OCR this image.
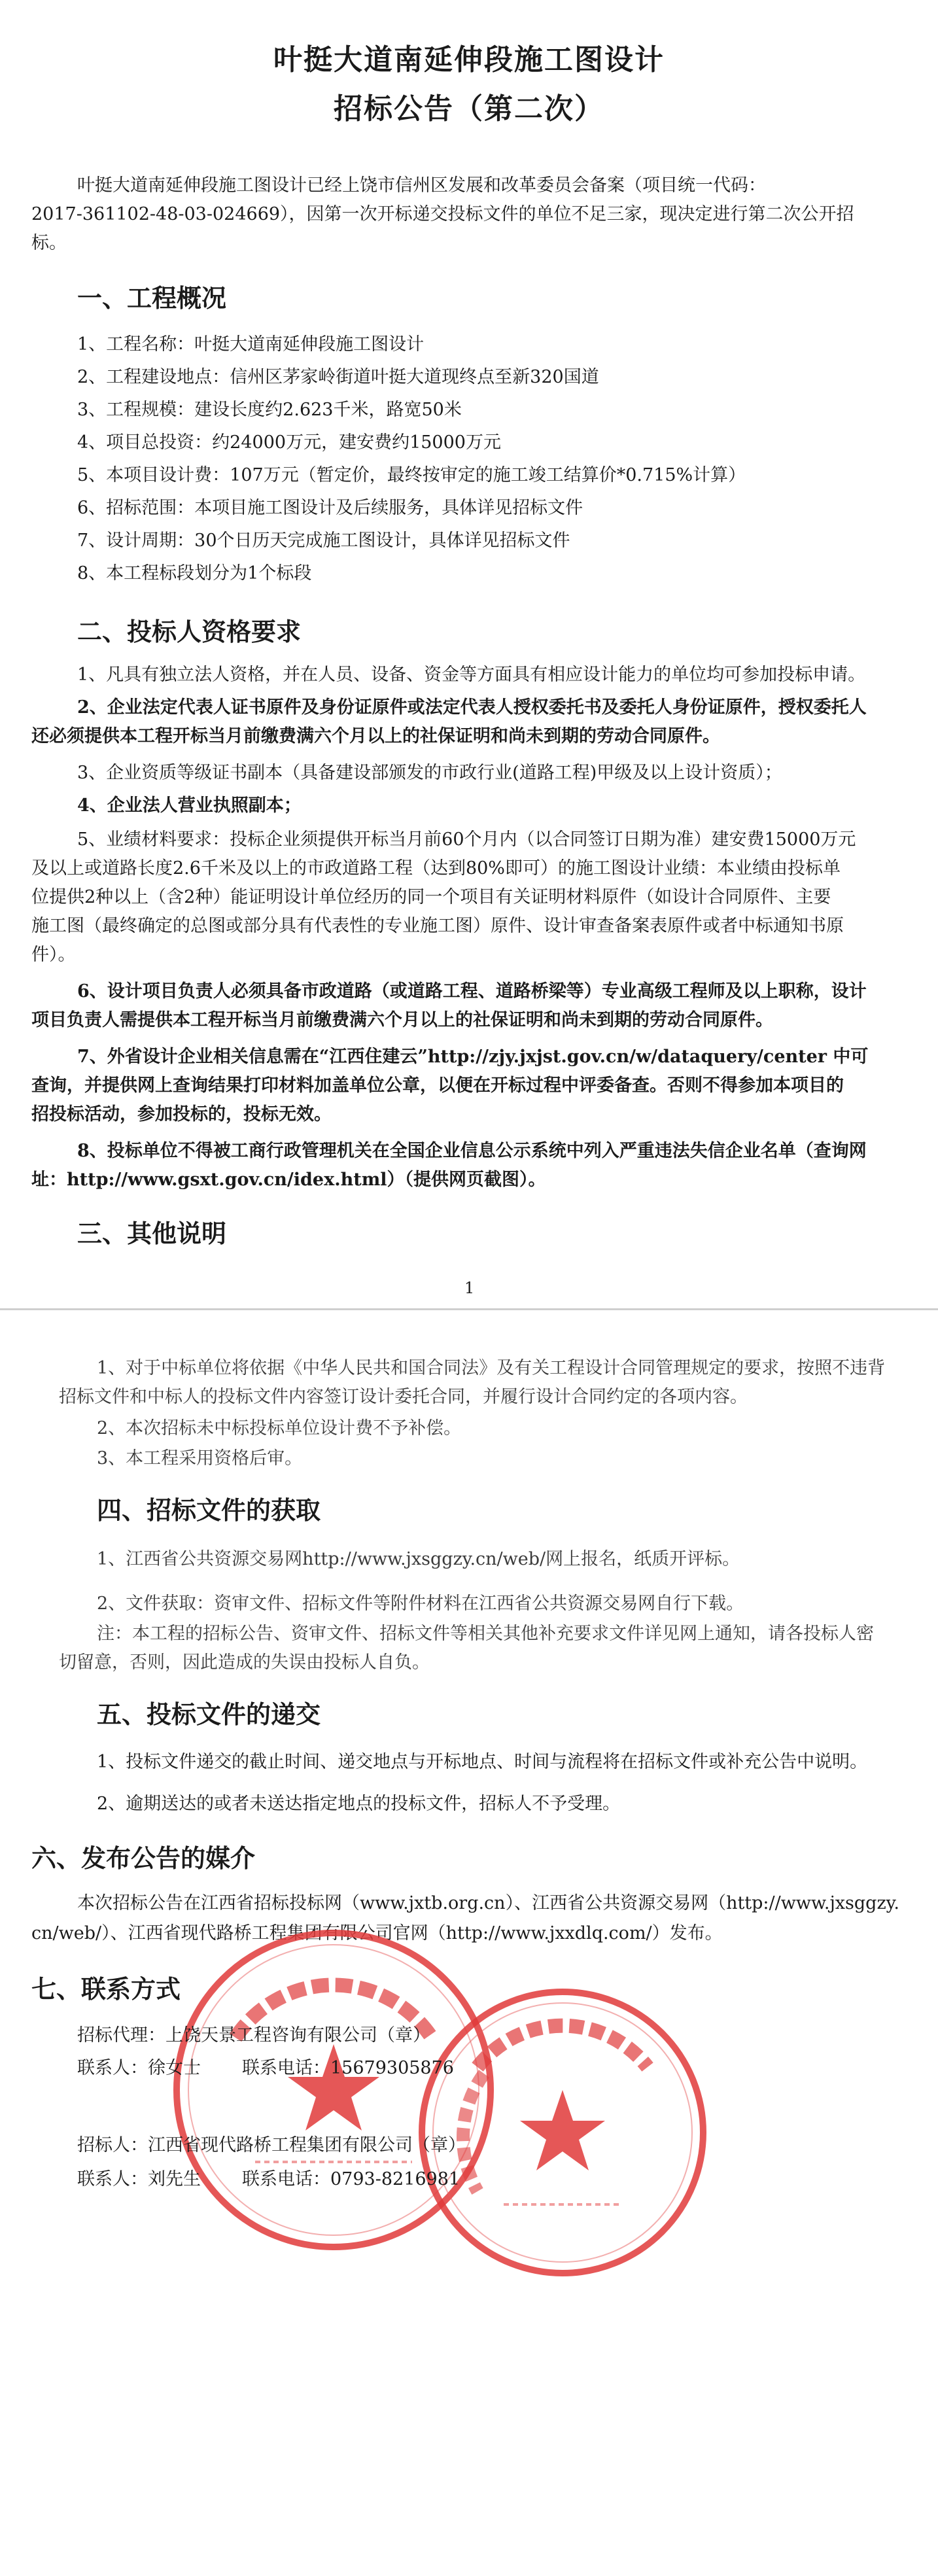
叶挺大道南延伸段施工图设计
招标公告（第二次）
叶挺大道南延伸段施工图设计已经上饶市信州区发展和改革委员会备案（项目统一代码：
2017-361102-48-03-024669），因第一次开标递交投标文件的单位不足三家，现决定进行第二次公开招
标。
一、工程概况
1、工程名称：叶挺大道南延伸段施工图设计
2、工程建设地点：信州区茅家岭街道叶挺大道现终点至新320国道
3、工程规模：建设长度约2.623千米，路宽50米
4、项目总投资：约24000万元，建安费约15000万元
5、本项目设计费：107万元（暂定价，最终按审定的施工竣工结算价*0.715%计算）
6、招标范围：本项目施工图设计及后续服务，具体详见招标文件
7、设计周期：30个日历天完成施工图设计，具体详见招标文件
8、本工程标段划分为1个标段
二、投标人资格要求
1、凡具有独立法人资格，并在人员、设备、资金等方面具有相应设计能力的单位均可参加投标申请。
2、企业法定代表人证书原件及身份证原件或法定代表人授权委托书及委托人身份证原件，授权委托人
还必须提供本工程开标当月前缴费满六个月以上的社保证明和尚未到期的劳动合同原件。
3、企业资质等级证书副本（具备建设部颁发的市政行业(道路工程)甲级及以上设计资质）；
4、企业法人营业执照副本；
5、业绩材料要求：投标企业须提供开标当月前60个月内（以合同签订日期为准）建安费15000万元
及以上或道路长度2.6千米及以上的市政道路工程（达到80%即可）的施工图设计业绩：本业绩由投标单
位提供2种以上（含2种）能证明设计单位经历的同一个项目有关证明材料原件（如设计合同原件、主要
施工图（最终确定的总图或部分具有代表性的专业施工图）原件、设计审查备案表原件或者中标通知书原
件）。
6、设计项目负责人必须具备市政道路（或道路工程、道路桥梁等）专业高级工程师及以上职称，设计
项目负责人需提供本工程开标当月前缴费满六个月以上的社保证明和尚未到期的劳动合同原件。
7、外省设计企业相关信息需在“江西住建云”http://zjy.jxjst.gov.cn/w/dataquery/center 中可
查询，并提供网上查询结果打印材料加盖单位公章，以便在开标过程中评委备查。否则不得参加本项目的
招投标活动，参加投标的，投标无效。
8、投标单位不得被工商行政管理机关在全国企业信息公示系统中列入严重违法失信企业名单（查询网
址：http://www.gsxt.gov.cn/idex.html）（提供网页截图）。
三、其他说明
1
1、对于中标单位将依据《中华人民共和国合同法》及有关工程设计合同管理规定的要求，按照不违背
招标文件和中标人的投标文件内容签订设计委托合同，并履行设计合同约定的各项内容。
2、本次招标未中标投标单位设计费不予补偿。
3、本工程采用资格后审。
四、招标文件的获取
1、江西省公共资源交易网http://www.jxsggzy.cn/web/网上报名，纸质开评标。
2、文件获取：资审文件、招标文件等附件材料在江西省公共资源交易网自行下载。
注：本工程的招标公告、资审文件、招标文件等相关其他补充要求文件详见网上通知，请各投标人密
切留意，否则，因此造成的失误由投标人自负。
五、投标文件的递交
1、投标文件递交的截止时间、递交地点与开标地点、时间与流程将在招标文件或补充公告中说明。
2、逾期送达的或者未送达指定地点的投标文件，招标人不予受理。
六、发布公告的媒介
本次招标公告在江西省招标投标网（www.jxtb.org.cn）、江西省公共资源交易网（http://www.jxsggzy.
cn/web/）、江西省现代路桥工程集团有限公司官网（http://www.jxxdlq.com/）发布。
七、联系方式
招标代理：上饶天景工程咨询有限公司（章）
联系人：徐女士 联系电话：15679305876
招标人：江西省现代路桥工程集团有限公司（章）
联系人：刘先生 联系电话：0793-8216981
